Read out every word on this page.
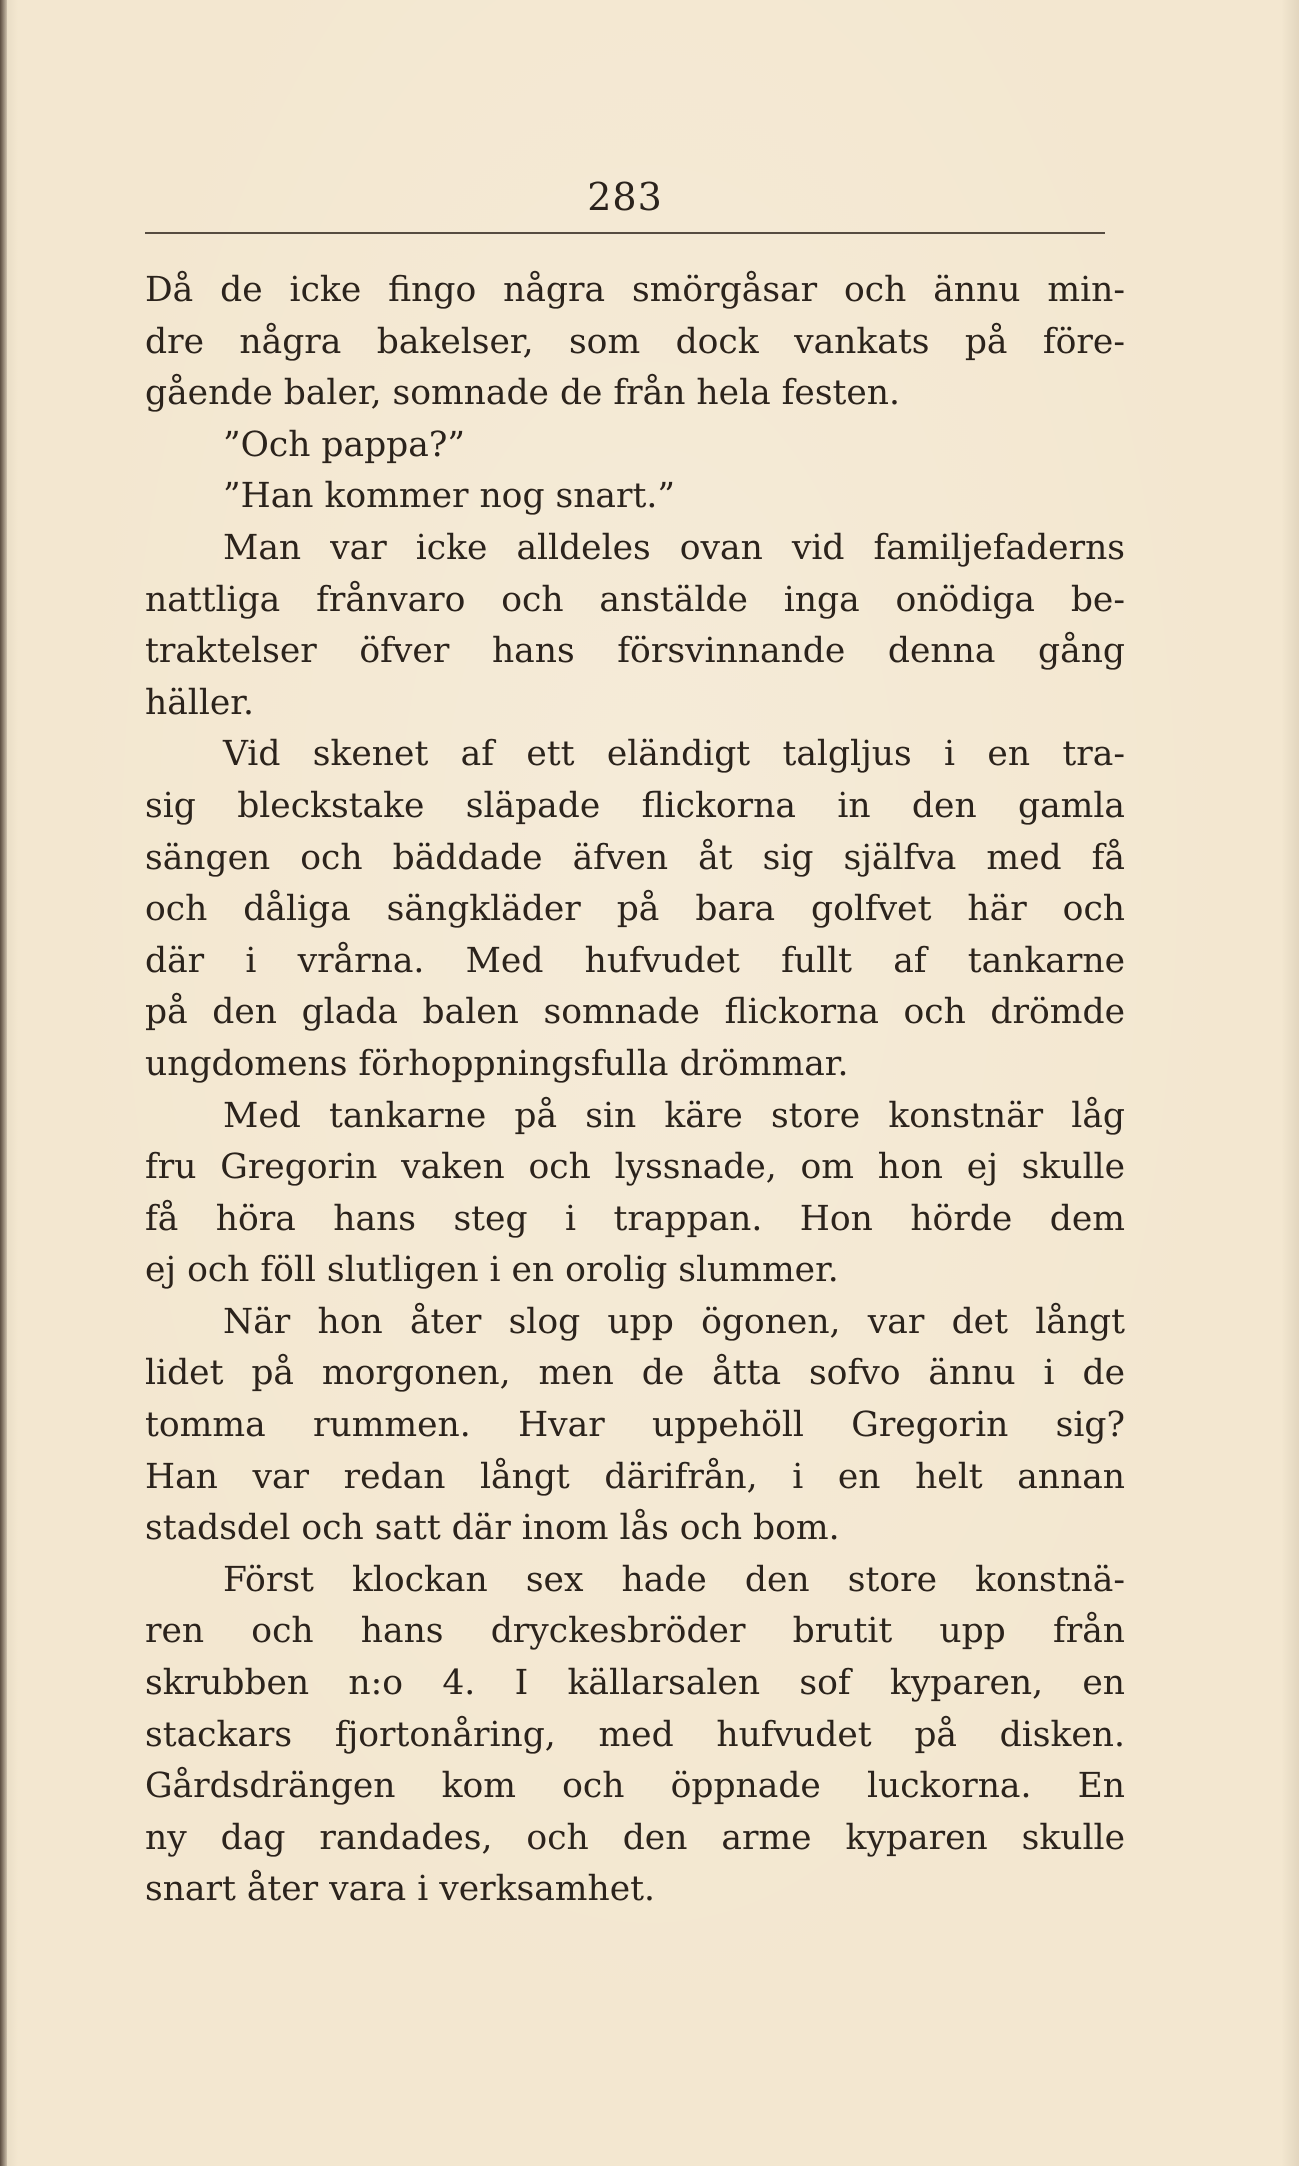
283
Då de icke fingo några smörgåsar och ännu min-
dre några bakelser, som dock vankats på före-
gående baler, somnade de från hela festen.
”Och pappa?”
”Han kommer nog snart.”
Man var icke alldeles ovan vid familjefaderns
nattliga frånvaro och anstälde inga onödiga be-
traktelser öfver hans försvinnande denna gång
häller.
Vid skenet af ett eländigt talgljus i en tra-
sig bleckstake släpade flickorna in den gamla
sängen och bäddade äfven åt sig själfva med få
och dåliga sängkläder på bara golfvet här och
där i vrårna. Med hufvudet fullt af tankarne
på den glada balen somnade flickorna och drömde
ungdomens förhoppningsfulla drömmar.
Med tankarne på sin käre store konstnär låg
fru Gregorin vaken och lyssnade, om hon ej skulle
få höra hans steg i trappan. Hon hörde dem
ej och föll slutligen i en orolig slummer.
När hon åter slog upp ögonen, var det långt
lidet på morgonen, men de åtta sofvo ännu i de
tomma rummen. Hvar uppehöll Gregorin sig?
Han var redan långt därifrån, i en helt annan
stadsdel och satt där inom lås och bom.
Först klockan sex hade den store konstnä-
ren och hans dryckesbröder brutit upp från
skrubben n:o 4. I källarsalen sof kyparen, en
stackars fjortonåring, med hufvudet på disken.
Gårdsdrängen kom och öppnade luckorna. En
ny dag randades, och den arme kyparen skulle
snart åter vara i verksamhet.
